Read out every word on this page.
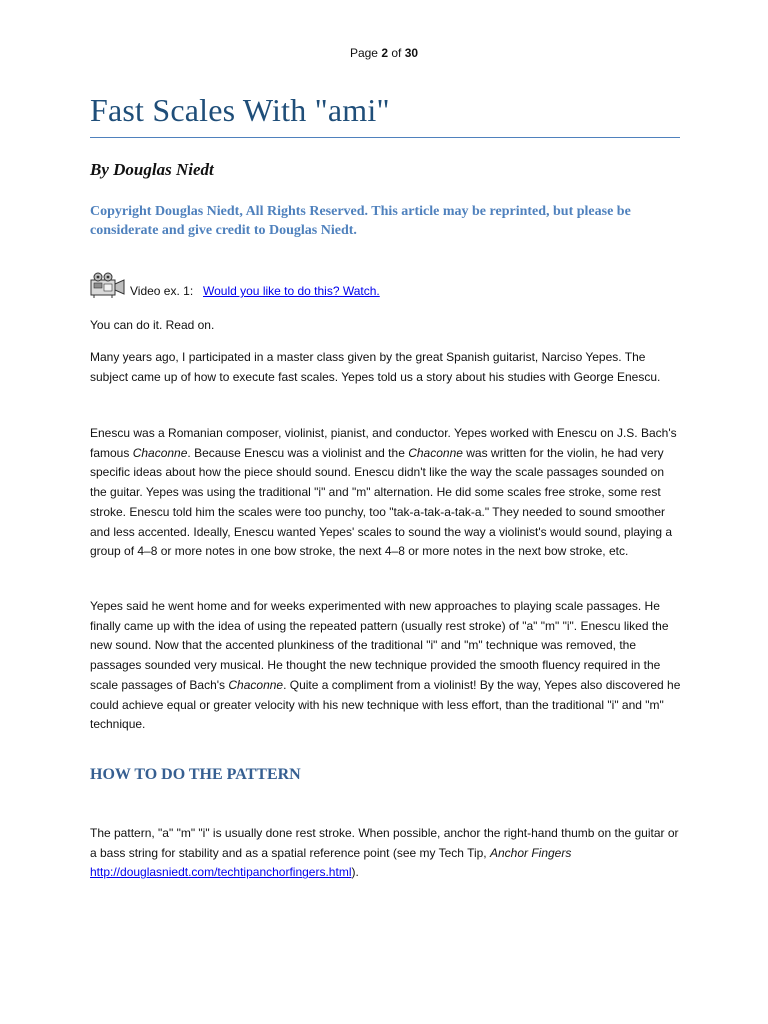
Page 2 of 30
Fast Scales With "ami"
By Douglas Niedt
Copyright Douglas Niedt, All Rights Reserved. This article may be reprinted, but please be considerate and give credit to Douglas Niedt.
Video ex. 1: Would you like to do this? Watch.
You can do it. Read on.
Many years ago, I participated in a master class given by the great Spanish guitarist, Narciso Yepes. The subject came up of how to execute fast scales. Yepes told us a story about his studies with George Enescu.
Enescu was a Romanian composer, violinist, pianist, and conductor. Yepes worked with Enescu on J.S. Bach's famous Chaconne. Because Enescu was a violinist and the Chaconne was written for the violin, he had very specific ideas about how the piece should sound. Enescu didn't like the way the scale passages sounded on the guitar. Yepes was using the traditional "i" and "m" alternation. He did some scales free stroke, some rest stroke. Enescu told him the scales were too punchy, too "tak-a-tak-a-tak-a." They needed to sound smoother and less accented. Ideally, Enescu wanted Yepes' scales to sound the way a violinist's would sound, playing a group of 4–8 or more notes in one bow stroke, the next 4–8 or more notes in the next bow stroke, etc.
Yepes said he went home and for weeks experimented with new approaches to playing scale passages. He finally came up with the idea of using the repeated pattern (usually rest stroke) of "a" "m" "i". Enescu liked the new sound. Now that the accented plunkiness of the traditional "i" and "m" technique was removed, the passages sounded very musical. He thought the new technique provided the smooth fluency required in the scale passages of Bach's Chaconne. Quite a compliment from a violinist! By the way, Yepes also discovered he could achieve equal or greater velocity with his new technique with less effort, than the traditional "i" and "m" technique.
HOW TO DO THE PATTERN
The pattern, "a" "m" "i" is usually done rest stroke. When possible, anchor the right-hand thumb on the guitar or a bass string for stability and as a spatial reference point (see my Tech Tip, Anchor Fingers http://douglasniedt.com/techtipanchorfingers.html).
